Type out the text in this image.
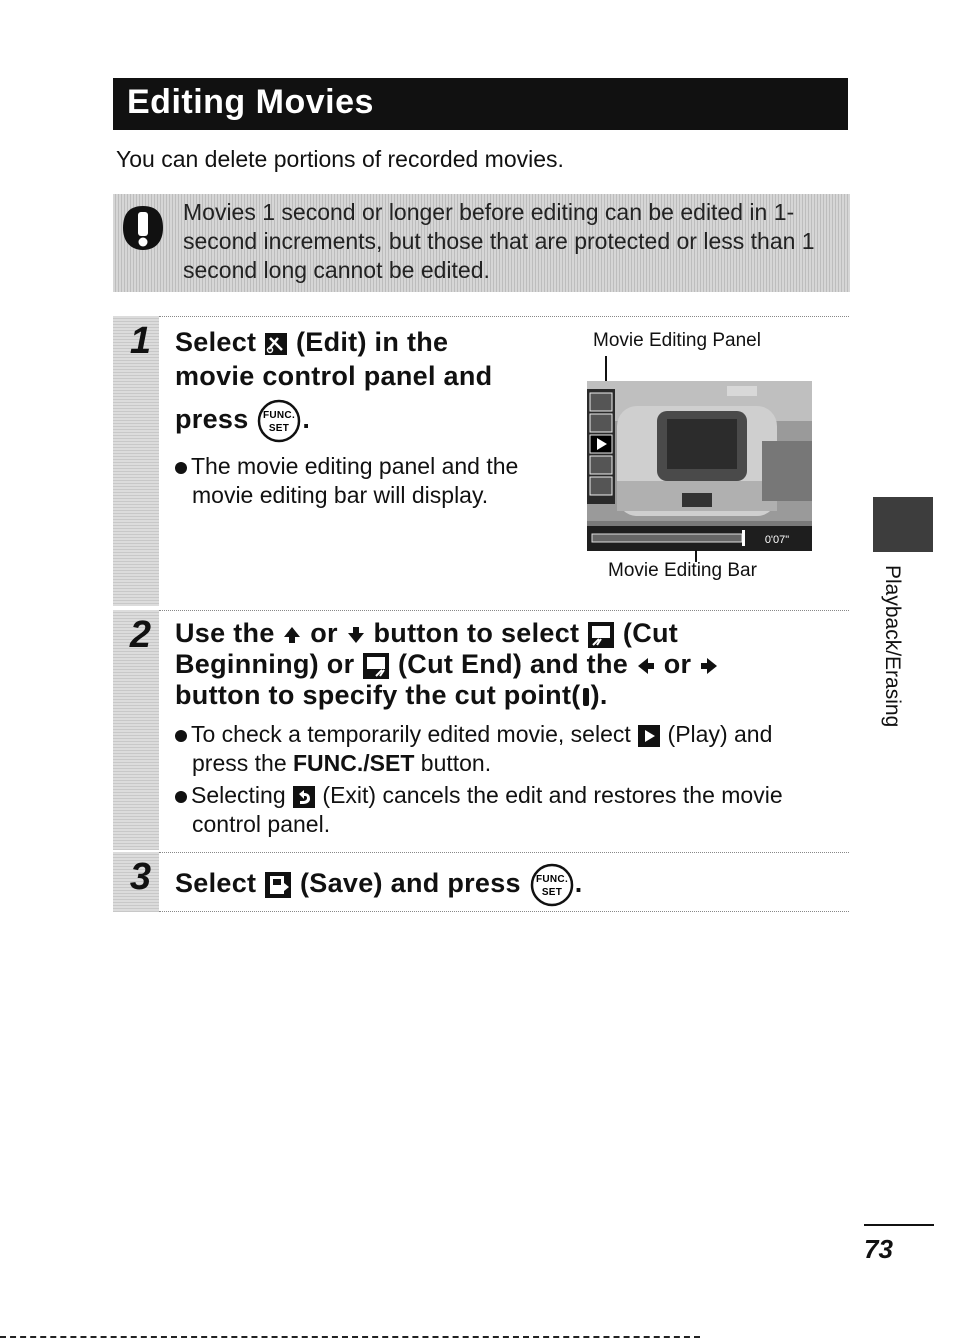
Editing Movies
You can delete portions of recorded movies.
Movies 1 second or longer before editing can be edited in 1-second increments, but those that are protected or less than 1 second long cannot be edited.
1 Select (Edit) in the
movie control panel and
press FUNC.
SET .
The movie editing panel and the
movie editing bar will display.
Movie Editing Panel
0'07"
Movie Editing Bar
2 Use the or button to select (Cut
Beginning) or (Cut End) and the or
button to specify the cut point( ).
To check a temporarily edited movie, select (Play) and
press the FUNC./SET button.
Selecting (Exit) cancels the edit and restores the movie
control panel.
3 Select (Save) and press FUNC.
SET .
Playback/Erasing
73
